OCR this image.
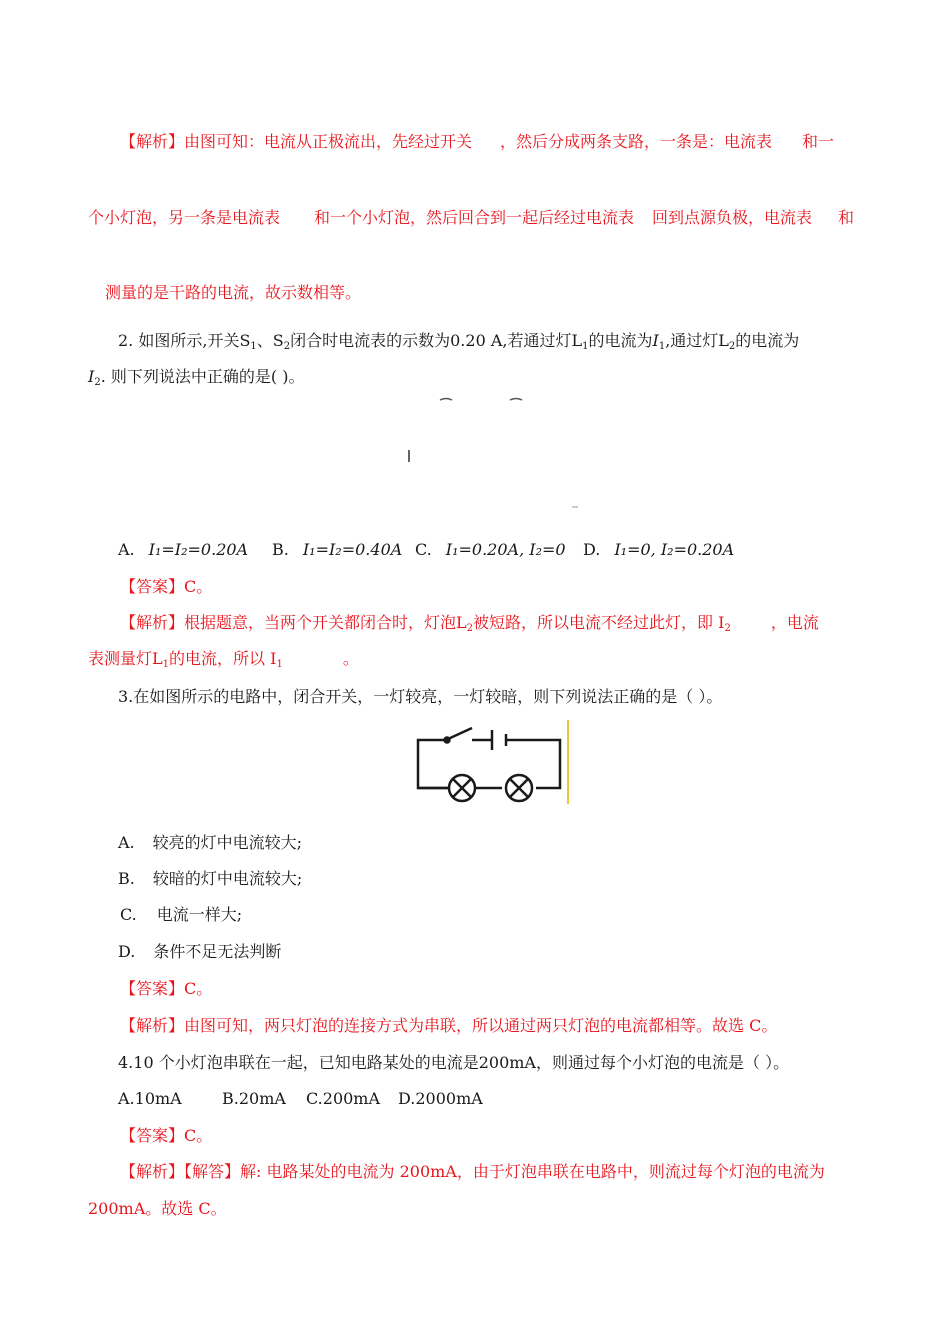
【解析】由图可知：电流从正极流出，先经过开关 ，然后分成两条支路，一条是：电流表 和一
个小灯泡，另一条是电流表 和一个小灯泡，然后回合到一起后经过电流表 回到点源负极，电流表 和
测量的是干路的电流，故示数相等。
2. 如图所示,开关$S_1$、$S_2$闭合时电流表的示数为0.20 A,若通过灯$L_1$的电流为$I_1$,通过灯$L_2$的电流为
$I_2$. 则下列说法中正确的是( )。
A. I₁=I₂=0.20A B. I₁=I₂=0.40A C. I₁=0.20A, I₂=0 D. I₁=0, I₂=0.20A
【答案】C。
【解析】根据题意，当两个开关都闭合时，灯泡$L_2$被短路，所以电流不经过此灯，即 $I_2$	，电流
表测量灯$L_1$的电流，所以 $I_1$	。
3.在如图所示的电路中，闭合开关，一灯较亮，一灯较暗，则下列说法正确的是（ ）。
A. 较亮的灯中电流较大;
B. 较暗的灯中电流较大;
C. 电流一样大;
D. 条件不足无法判断
【答案】C。
【解析】由图可知，两只灯泡的连接方式为串联，所以通过两只灯泡的电流都相等。故选 C。
4.10 个小灯泡串联在一起，已知电路某处的电流是200mA，则通过每个小灯泡的电流是（ ）。
A.10mA	B.20mA C.200mA D.2000mA
【答案】C。
【解析】【解答】解: 电路某处的电流为 200mA，由于灯泡串联在电路中，则流过每个灯泡的电流为
200mA。故选 C。
